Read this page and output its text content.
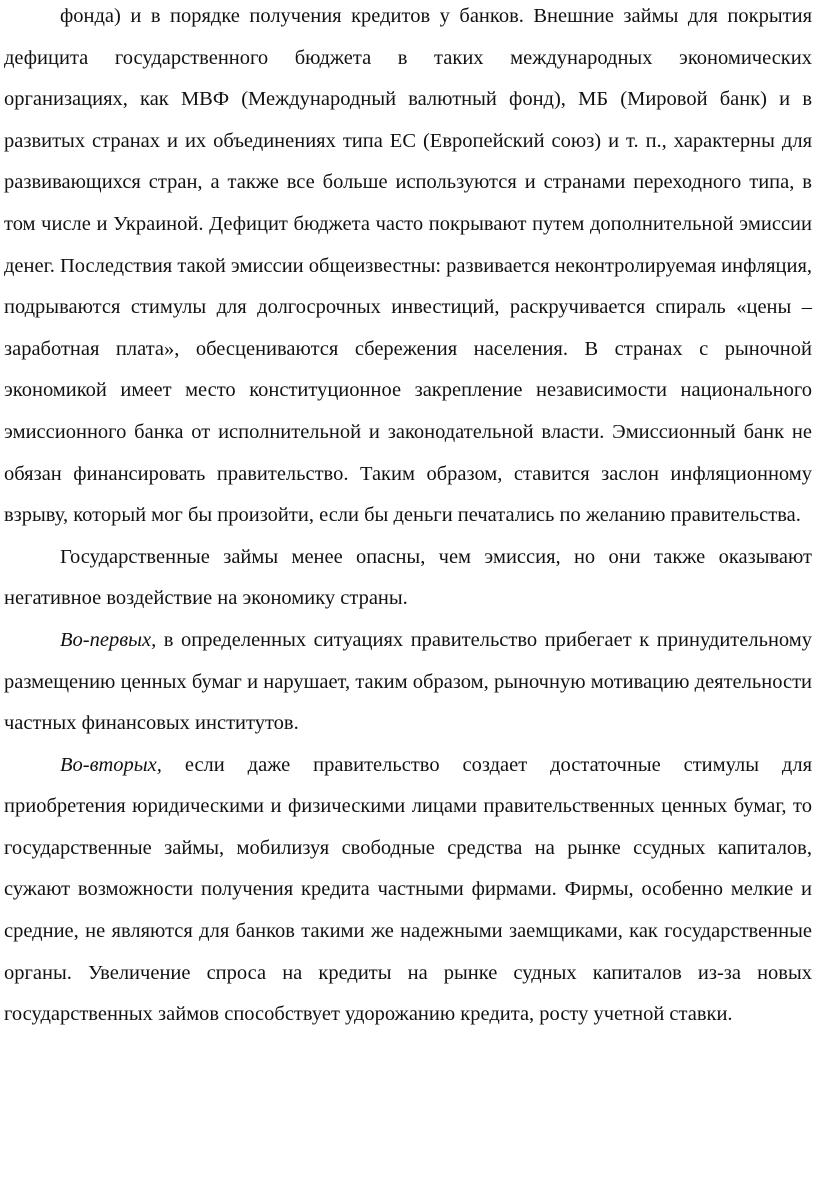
фонда) и в порядке получения кредитов у банков. Внешние займы для покрытия дефицита государственного бюджета в таких международных экономических организациях, как МВФ (Международный валютный фонд), МБ (Мировой банк) и в развитых странах и их объединениях типа ЕС (Европейский союз) и т. п., характерны для развивающихся стран, а также все больше используются и странами переходного типа, в том числе и Украиной. Дефицит бюджета часто покрывают путем дополнительной эмиссии денег. Последствия такой эмиссии общеизвестны: развивается неконтролируемая инфляция, подрываются стимулы для долгосрочных инвестиций, раскручивается спираль «цены – заработная плата», обесцениваются сбережения населения. В странах с рыночной экономикой имеет место конституционное закрепление независимости национального эмиссионного банка от исполнительной и законодательной власти. Эмиссионный банк не обязан финансировать правительство. Таким образом, ставится заслон инфляционному взрыву, который мог бы произойти, если бы деньги печатались по желанию правительства.

Государственные займы менее опасны, чем эмиссия, но они также оказывают негативное воздействие на экономику страны.

Во-первых, в определенных ситуациях правительство прибегает к принудительному размещению ценных бумаг и нарушает, таким образом, рыночную мотивацию деятельности частных финансовых институтов.

Во-вторых, если даже правительство создает достаточные стимулы для приобретения юридическими и физическими лицами правительственных ценных бумаг, то государственные займы, мобилизуя свободные средства на рынке ссудных капиталов, сужают возможности получения кредита частными фирмами. Фирмы, особенно мелкие и средние, не являются для банков такими же надежными заемщиками, как государственные органы. Увеличение спроса на кредиты на рынке судных капиталов из-за новых государственных займов способствует удорожанию кредита, росту учетной ставки.
